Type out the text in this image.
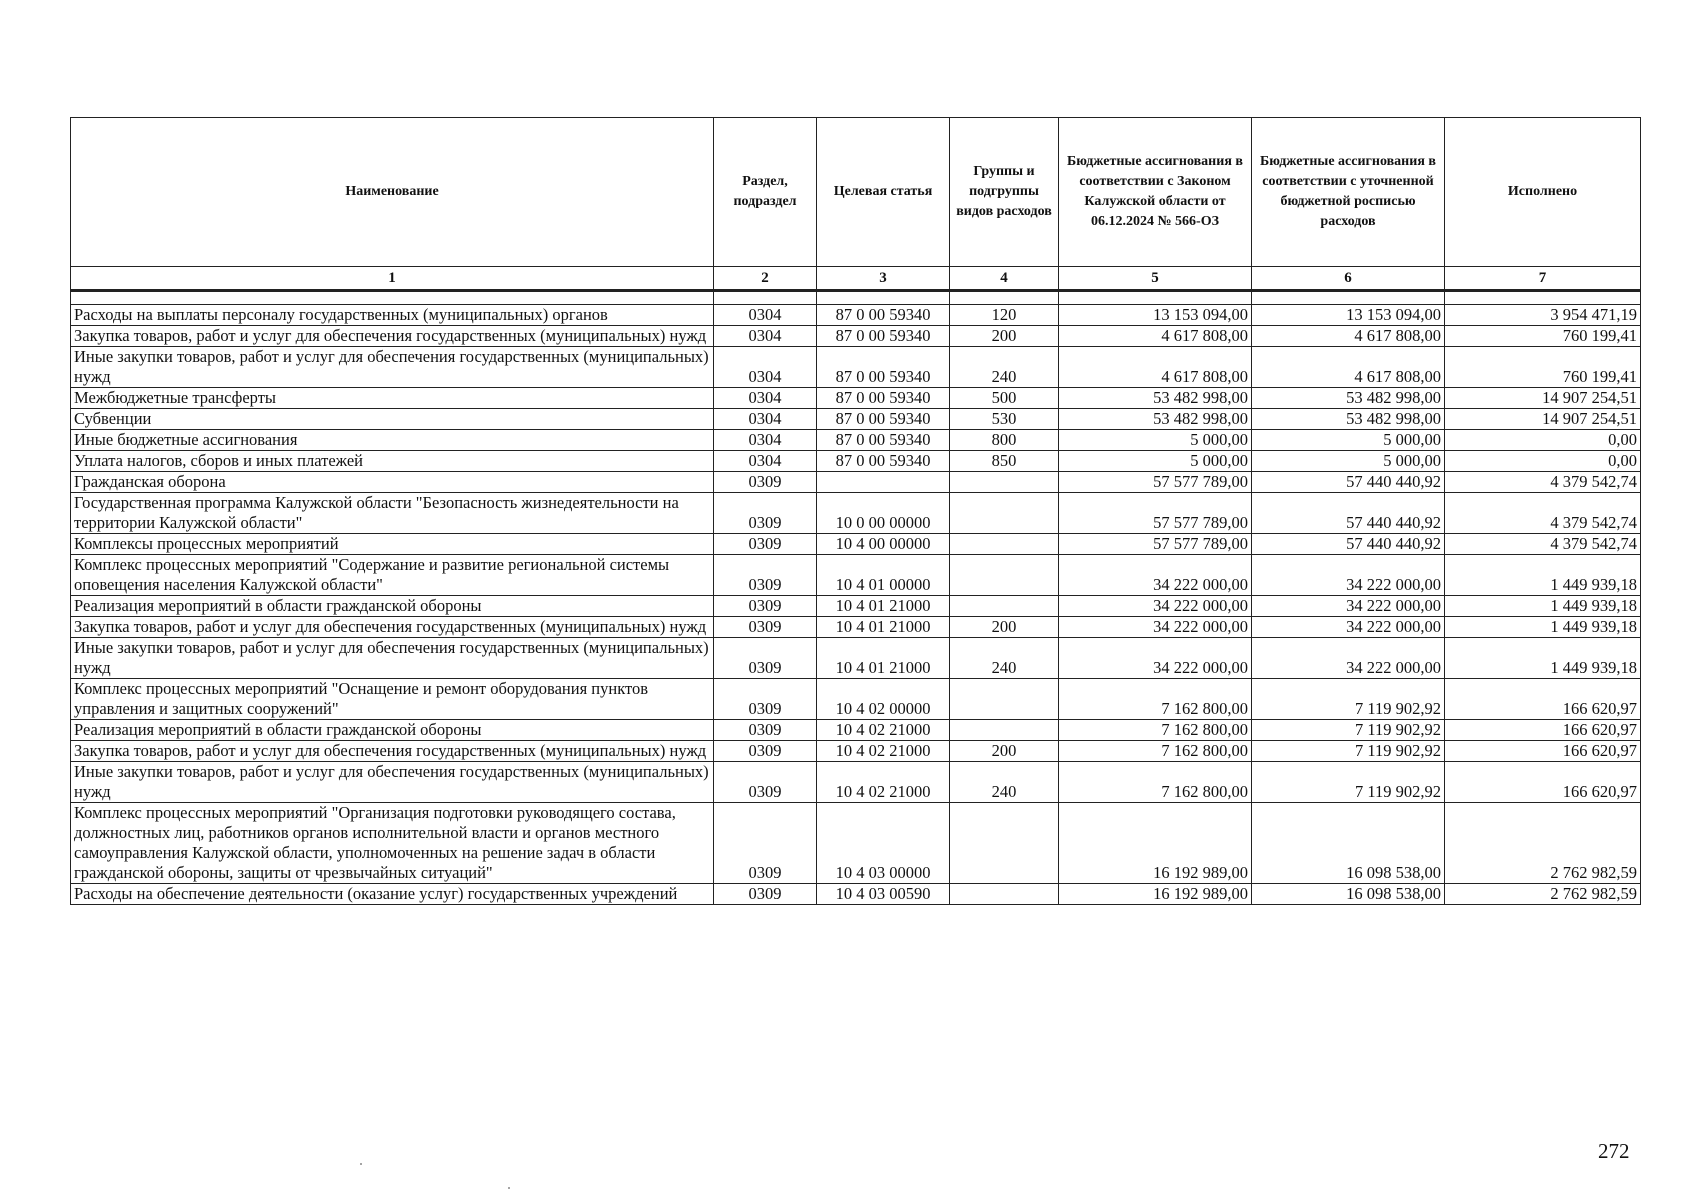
Наименование	Раздел, подраздел	Целевая статья	Группы и подгруппы видов расходов	Бюджетные ассигнования в соответствии с Законом Калужской области от 06.12.2024 № 566-ОЗ	Бюджетные ассигнования в соответствии с уточненной бюджетной росписью расходов	Исполнено
1	2	3	4	5	6	7

Расходы на выплаты персоналу государственных (муниципальных) органов	0304	87 0 00 59340	120	13 153 094,00	13 153 094,00	3 954 471,19
Закупка товаров, работ и услуг для обеспечения государственных (муниципальных) нужд	0304	87 0 00 59340	200	4 617 808,00	4 617 808,00	760 199,41
Иные закупки товаров, работ и услуг для обеспечения государственных (муниципальных) нужд	0304	87 0 00 59340	240	4 617 808,00	4 617 808,00	760 199,41
Межбюджетные трансферты	0304	87 0 00 59340	500	53 482 998,00	53 482 998,00	14 907 254,51
Субвенции	0304	87 0 00 59340	530	53 482 998,00	53 482 998,00	14 907 254,51
Иные бюджетные ассигнования	0304	87 0 00 59340	800	5 000,00	5 000,00	0,00
Уплата налогов, сборов и иных платежей	0304	87 0 00 59340	850	5 000,00	5 000,00	0,00
Гражданская оборона	0309			57 577 789,00	57 440 440,92	4 379 542,74
Государственная программа Калужской области "Безопасность жизнедеятельности на территории Калужской области"	0309	10 0 00 00000		57 577 789,00	57 440 440,92	4 379 542,74
Комплексы процессных мероприятий	0309	10 4 00 00000		57 577 789,00	57 440 440,92	4 379 542,74
Комплекс процессных мероприятий "Содержание и развитие региональной системы оповещения населения Калужской области"	0309	10 4 01 00000		34 222 000,00	34 222 000,00	1 449 939,18
Реализация мероприятий в области гражданской обороны	0309	10 4 01 21000		34 222 000,00	34 222 000,00	1 449 939,18
Закупка товаров, работ и услуг для обеспечения государственных (муниципальных) нужд	0309	10 4 01 21000	200	34 222 000,00	34 222 000,00	1 449 939,18
Иные закупки товаров, работ и услуг для обеспечения государственных (муниципальных) нужд	0309	10 4 01 21000	240	34 222 000,00	34 222 000,00	1 449 939,18
Комплекс процессных мероприятий "Оснащение и ремонт оборудования пунктов управления и защитных сооружений"	0309	10 4 02 00000		7 162 800,00	7 119 902,92	166 620,97
Реализация мероприятий в области гражданской обороны	0309	10 4 02 21000		7 162 800,00	7 119 902,92	166 620,97
Закупка товаров, работ и услуг для обеспечения государственных (муниципальных) нужд	0309	10 4 02 21000	200	7 162 800,00	7 119 902,92	166 620,97
Иные закупки товаров, работ и услуг для обеспечения государственных (муниципальных) нужд	0309	10 4 02 21000	240	7 162 800,00	7 119 902,92	166 620,97
Комплекс процессных мероприятий "Организация подготовки руководящего состава, должностных лиц, работников органов исполнительной власти и органов местного самоуправления Калужской области, уполномоченных на решение задач в области гражданской обороны, защиты от чрезвычайных ситуаций"	0309	10 4 03 00000		16 192 989,00	16 098 538,00	2 762 982,59
Расходы на обеспечение деятельности (оказание услуг) государственных учреждений	0309	10 4 03 00590		16 192 989,00	16 098 538,00	2 762 982,59
272
